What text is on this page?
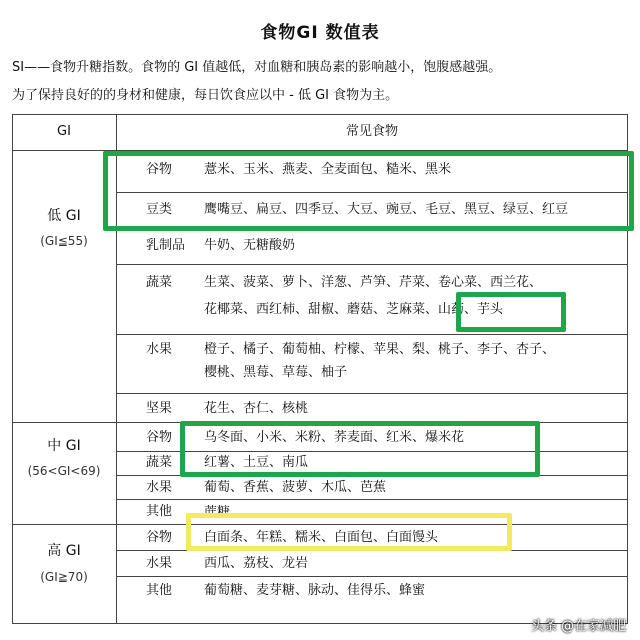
食物GI 数值表
SI——食物升糖指数。食物的 GI 值越低，对血糖和胰岛素的影响越小，饱腹感越强。
为了保持良好的的身材和健康，每日饮食应以中 - 低 GI 食物为主。
GI	常见食物
低 GI
(GI≦55)
中 GI
(56<GI<69)
高 GI
(GI≧70)
谷物 薏米、玉米、燕麦、全麦面包、糙米、黑米
豆类 鹰嘴豆、扁豆、四季豆、大豆、豌豆、毛豆、黑豆、绿豆、红豆
乳制品 牛奶、无糖酸奶
蔬菜 生菜、菠菜、萝卜、洋葱、芦笋、芹菜、卷心菜、西兰花、
花椰菜、西红柿、甜椒、蘑菇、芝麻菜、山药、芋头
水果 橙子、橘子、葡萄柚、柠檬、苹果、梨、桃子、李子、杏子、
樱桃、黑莓、草莓、柚子
坚果 花生、杏仁、核桃
谷物 乌冬面、小米、米粉、荞麦面、红米、爆米花
蔬菜 红薯、土豆、南瓜
水果 葡萄、香蕉、菠萝、木瓜、芭蕉
其他 蔗糖
谷物 白面条、年糕、糯米、白面包、白面馒头
水果 西瓜、荔枝、龙岩
其他 葡萄糖、麦芽糖、脉动、佳得乐、蜂蜜
头条 @在家减肥
